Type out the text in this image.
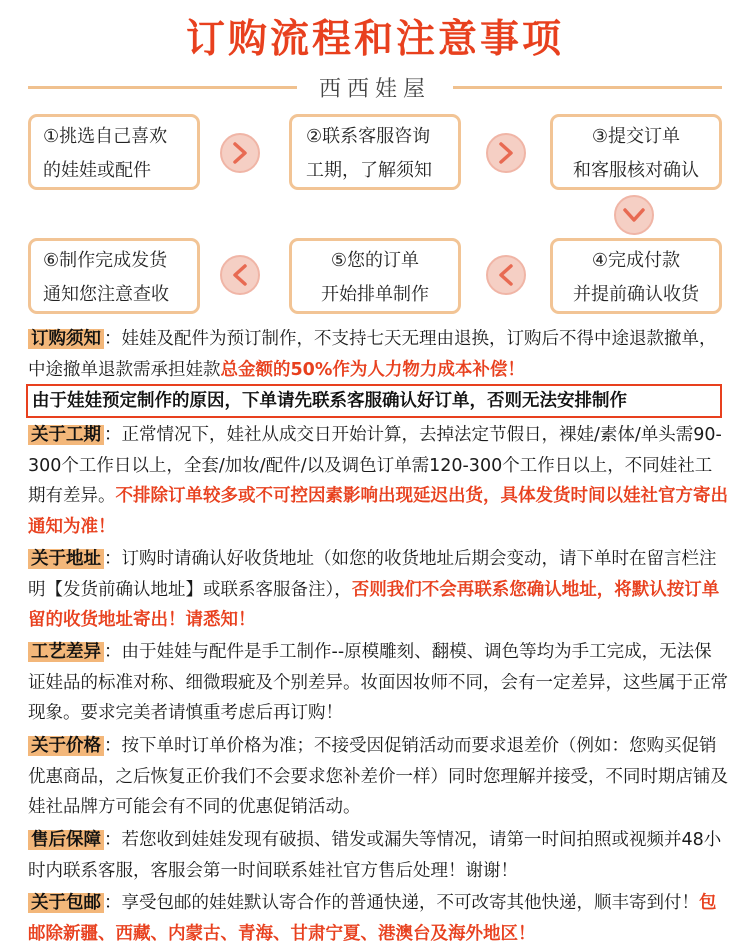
订购流程和注意事项
西西娃屋
①挑选自己喜欢
的娃娃或配件
②联系客服咨询
工期，了解须知
③提交订单
和客服核对确认
⑥制作完成发货
通知您注意查收
⑤您的订单
开始排单制作
④完成付款
并提前确认收货
订购须知 ：娃娃及配件为预订制作，不支持七天无理由退换，订购后不得中途退款撤单，中途撤单退款需承担娃款总金额的50%作为人力物力成本补偿！
由于娃娃预定制作的原因，下单请先联系客服确认好订单，否则无法安排制作
关于工期 ：正常情况下，娃社从成交日开始计算，去掉法定节假日，裸娃/素体/单头需90-300个工作日以上，全套/加妆/配件/以及调色订单需120-300个工作日以上，不同娃社工期有差异。不排除订单较多或不可控因素影响出现延迟出货，具体发货时间以娃社官方寄出通知为准！
关于地址 ：订购时请确认好收货地址（如您的收货地址后期会变动，请下单时在留言栏注明【发货前确认地址】或联系客服备注），否则我们不会再联系您确认地址，将默认按订单留的收货地址寄出！请悉知！
工艺差异 ：由于娃娃与配件是手工制作--原模雕刻、翻模、调色等均为手工完成，无法保证娃品的标准对称、细微瑕疵及个别差异。妆面因妆师不同，会有一定差异，这些属于正常现象。要求完美者请慎重考虑后再订购！
关于价格 ：按下单时订单价格为准；不接受因促销活动而要求退差价（例如：您购买促销优惠商品，之后恢复正价我们不会要求您补差价一样）同时您理解并接受，不同时期店铺及娃社品牌方可能会有不同的优惠促销活动。
售后保障 ：若您收到娃娃发现有破损、错发或漏失等情况，请第一时间拍照或视频并48小时内联系客服，客服会第一时间联系娃社官方售后处理！谢谢！
关于包邮 ：享受包邮的娃娃默认寄合作的普通快递，不可改寄其他快递，顺丰寄到付！包邮除新疆、西藏、内蒙古、青海、甘肃宁夏、港澳台及海外地区！
